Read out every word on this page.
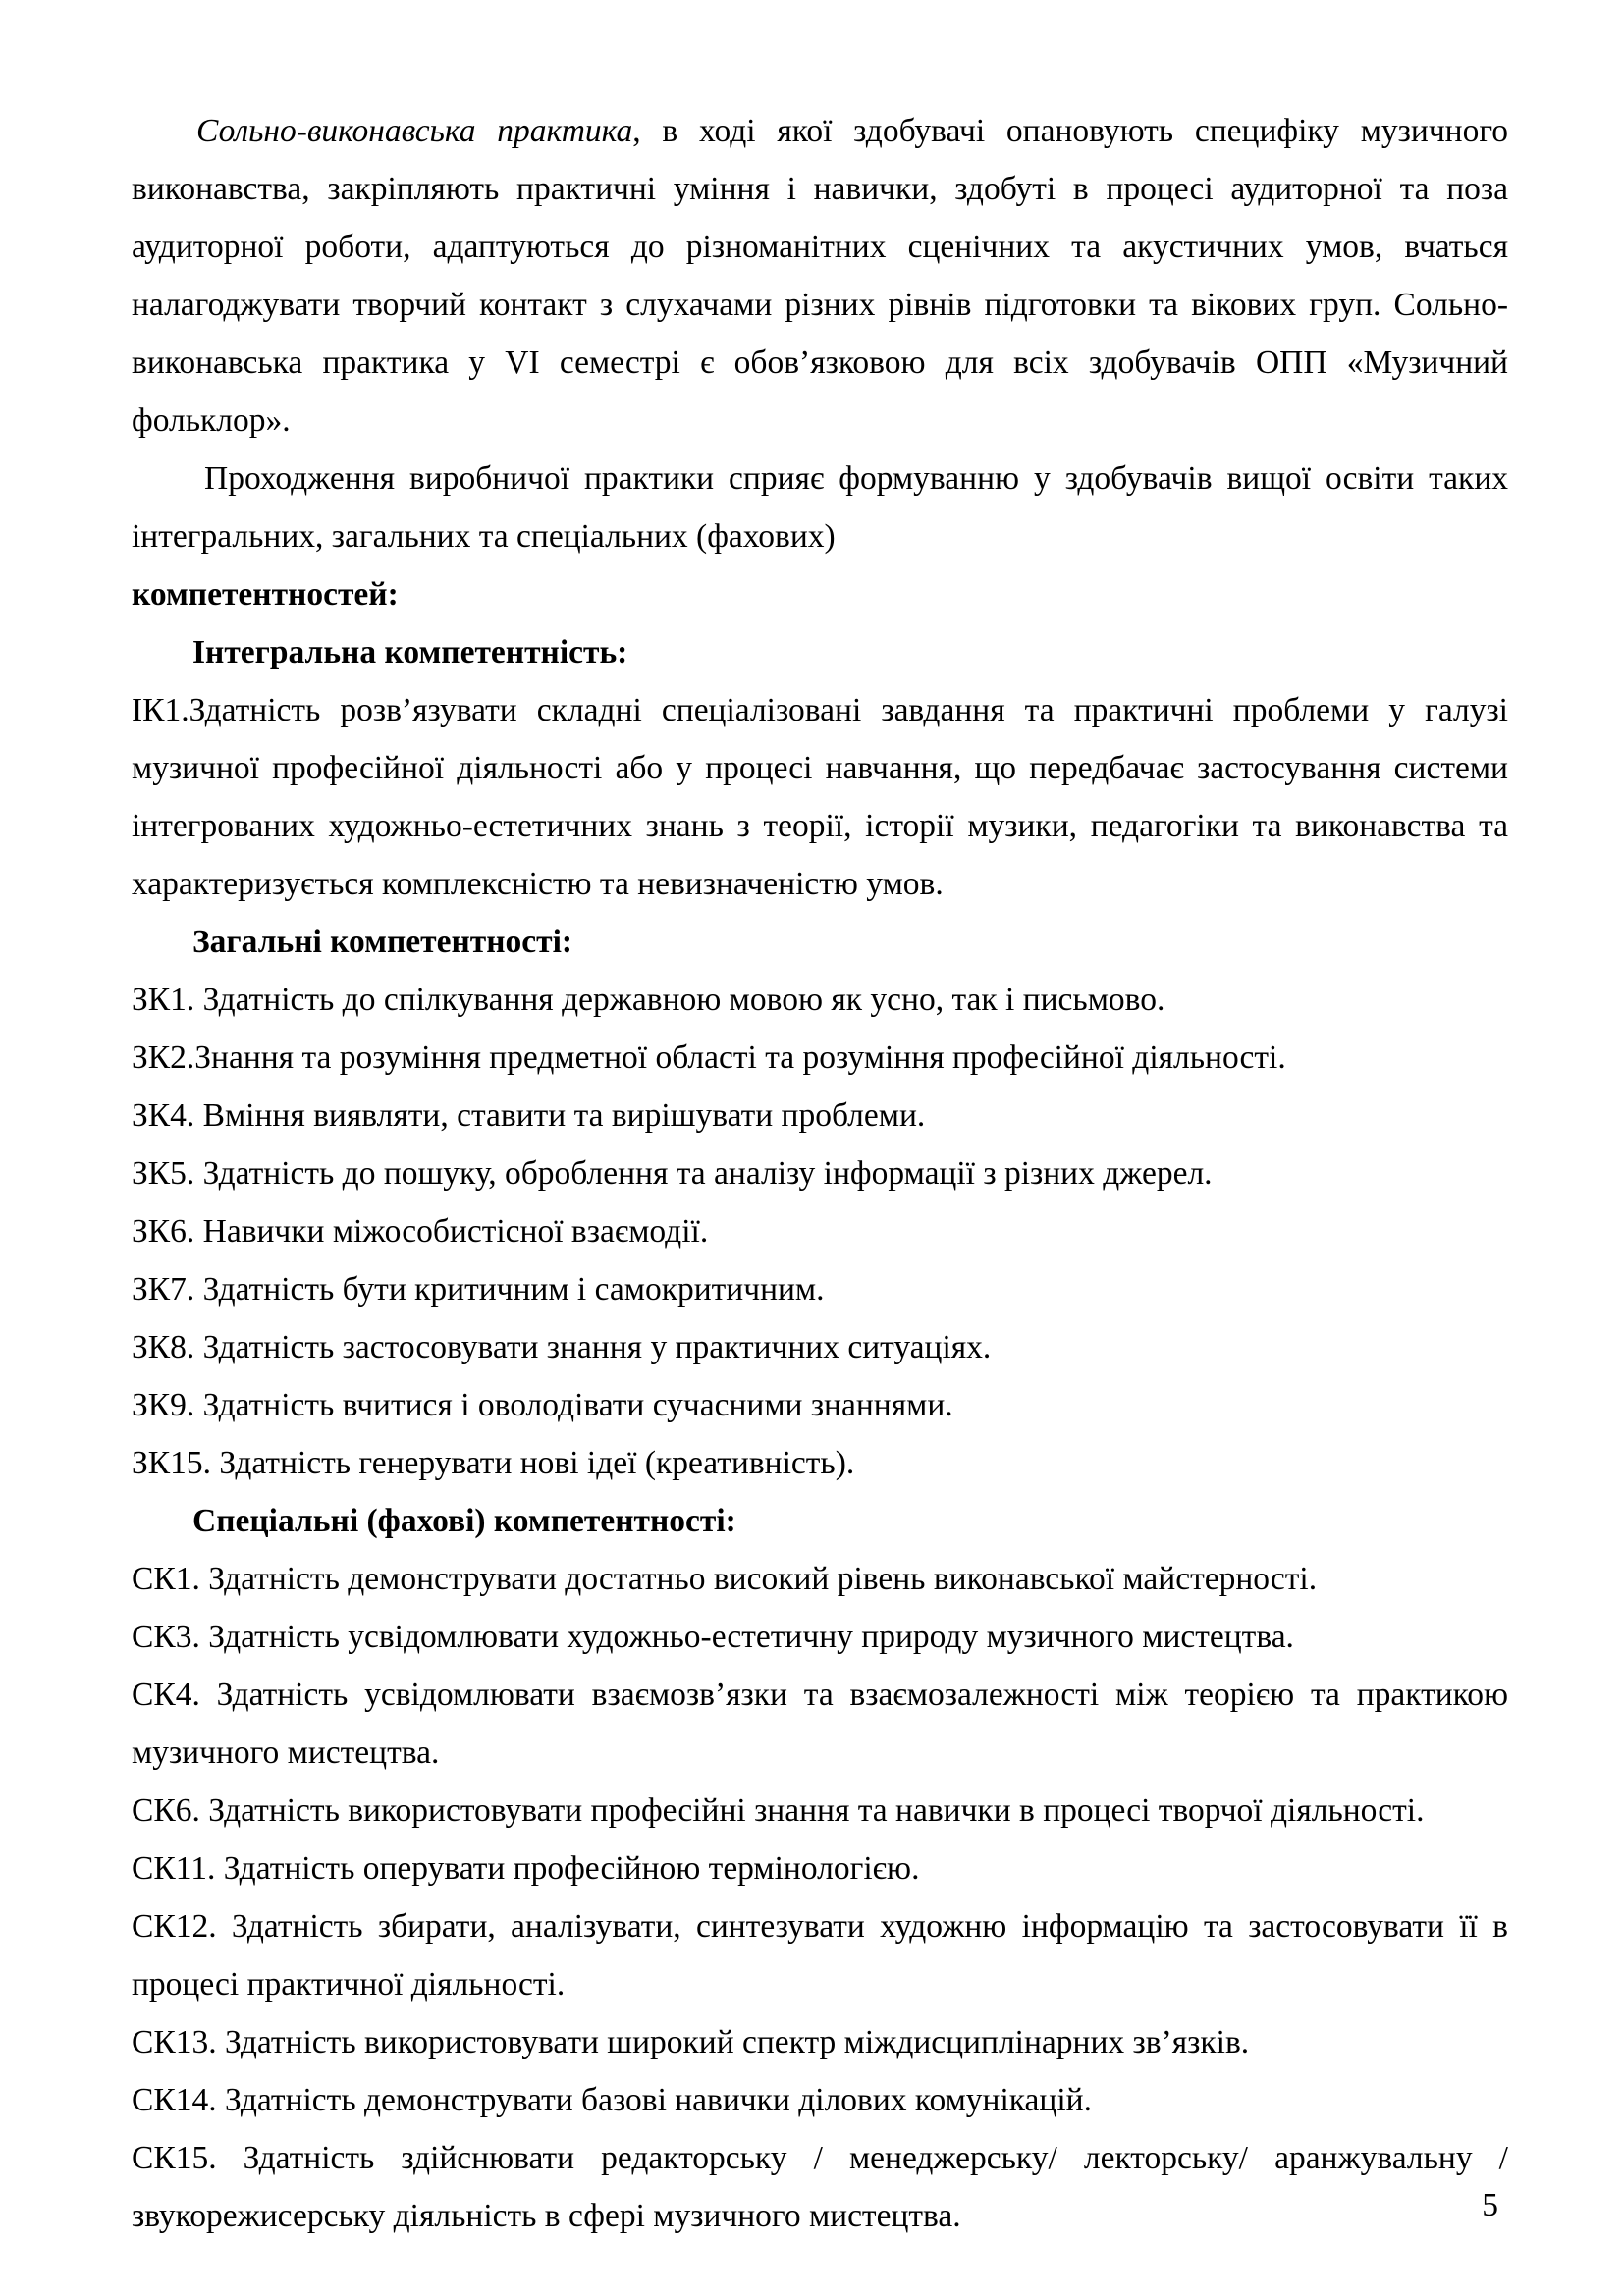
Сольно-виконавська практика, в ході якої здобувачі опановують специфіку музичного виконавства, закріпляють практичні уміння і навички, здобуті в процесі аудиторної та поза аудиторної роботи, адаптуються до різноманітних сценічних та акустичних умов, вчаться налагоджувати творчий контакт з слухачами різних рівнів підготовки та вікових груп. Сольно-виконавська практика у VI семестрі є обов’язковою для всіх здобувачів ОПП «Музичний фольклор».

Проходження виробничої практики сприяє формуванню у здобувачів вищої освіти таких інтегральних, загальних та спеціальних (фахових)

компетентностей:

Інтегральна компетентність:

ІК1.Здатність розв’язувати складні спеціалізовані завдання та практичні проблеми у галузі музичної професійної діяльності або у процесі навчання, що передбачає застосування системи інтегрованих художньо-естетичних знань з теорії, історії музики, педагогіки та виконавства та характеризується комплексністю та невизначеністю умов.

Загальні компетентності:

ЗК1. Здатність до спілкування державною мовою як усно, так і письмово.

ЗК2.Знання та розуміння предметної області та розуміння професійної діяльності.

ЗК4. Вміння виявляти, ставити та вирішувати проблеми.

ЗК5. Здатність до пошуку, оброблення та аналізу інформації з різних джерел.

ЗК6. Навички міжособистісної взаємодії.

ЗК7. Здатність бути критичним і самокритичним.

ЗК8. Здатність застосовувати знання у практичних ситуаціях.

ЗК9. Здатність вчитися і оволодівати сучасними знаннями.

ЗК15. Здатність генерувати нові ідеї (креативність).

Спеціальні (фахові) компетентності:

СК1. Здатність демонструвати достатньо високий рівень виконавської майстерності.

СК3. Здатність усвідомлювати художньо-естетичну природу музичного мистецтва.

СК4. Здатність усвідомлювати взаємозв’язки та взаємозалежності між теорією та практикою музичного мистецтва.

СК6. Здатність використовувати професійні знання та навички в процесі творчої діяльності.

СК11. Здатність оперувати професійною термінологією.

СК12. Здатність збирати, аналізувати, синтезувати художню інформацію та застосовувати її в процесі практичної діяльності.

СК13. Здатність використовувати широкий спектр міждисциплінарних зв’язків.

СК14. Здатність демонструвати базові навички ділових комунікацій.

СК15. Здатність здійснювати редакторську / менеджерську/ лекторську/ аранжувальну / звукорежисерську діяльність в сфері музичного мистецтва.	5
